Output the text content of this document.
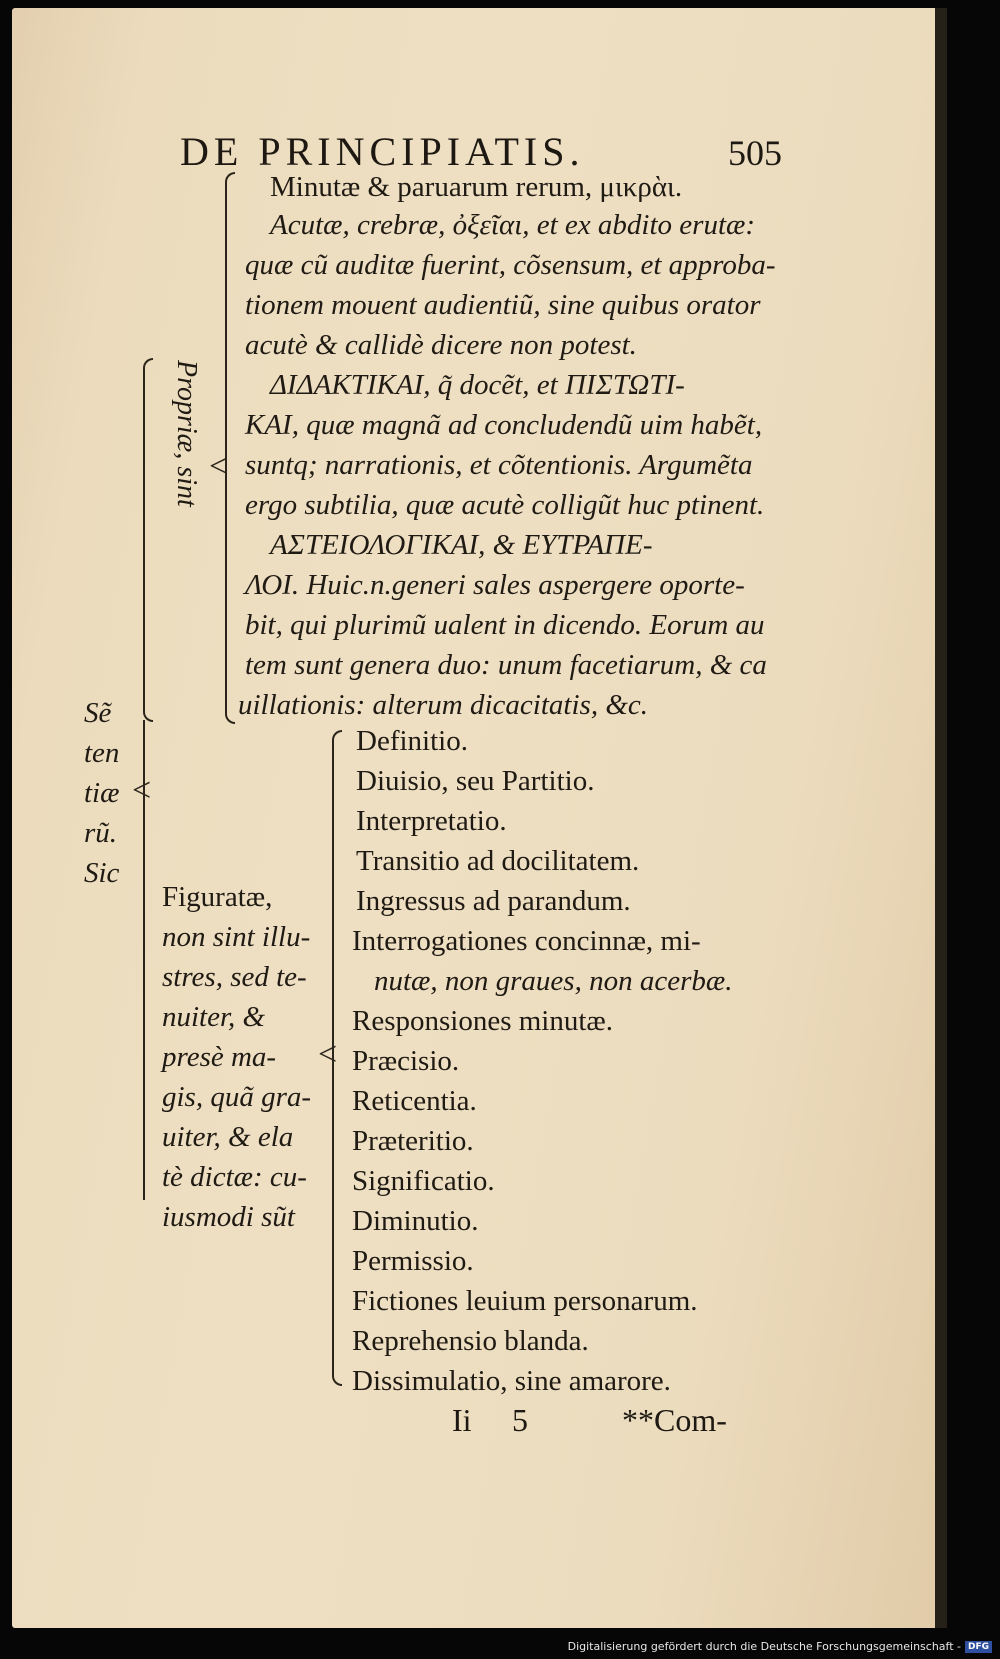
DE PRINCIPIATIS.	505
Minutæ & paruarum rerum, μικρὰι.
Acutæ, crebræ, ὀξεῖαι, et ex abdito erutæ:
quæ cũ auditæ fuerint, cõsensum, et approba-
tionem mouent audientiũ, sine quibus orator
acutè & callidè dicere non potest.
ΔΙΔΑΚΤΙΚΑΙ, q̃ docẽt, et ΠΙΣΤΩΤΙ-
ΚΑΙ, quæ magnã ad concludendũ uim habẽt,
suntq; narrationis, et cõtentionis. Argumẽta
ergo subtilia, quæ acutè colligũt huc ptinent.
ΑΣΤΕΙΟΛΟΓΙΚΑΙ, & ΕΥΤΡΑΠΕ-
ΛΟΙ. Huic.n.generi sales aspergere oporte-
bit, qui plurimũ ualent in dicendo. Eorum au
tem sunt genera duo: unum facetiarum, & ca
uillationis: alterum dicacitatis, &c.
Propriæ, sint <
Sẽ
ten
tiæ
rũ.
Sic
<
Figuratæ,
non sint illu-
stres, sed te-
nuiter, &
presè ma-
gis, quã gra-
uiter, & ela
tè dictæ: cu-
iusmodi sũt
<
Definitio.
Diuisio, seu Partitio.
Interpretatio.
Transitio ad docilitatem.
Ingressus ad parandum.
Interrogationes concinnæ, mi-
nutæ, non graues, non acerbæ.
Responsiones minutæ.
Præcisio.
Reticentia.
Præteritio.
Significatio.
Diminutio.
Permissio.
Fictiones leuium personarum.
Reprehensio blanda.
Dissimulatio, sine amarore.
Ii 5	**Com-
Digitalisierung gefördert durch die Deutsche Forschungsgemeinschaft - DFG
